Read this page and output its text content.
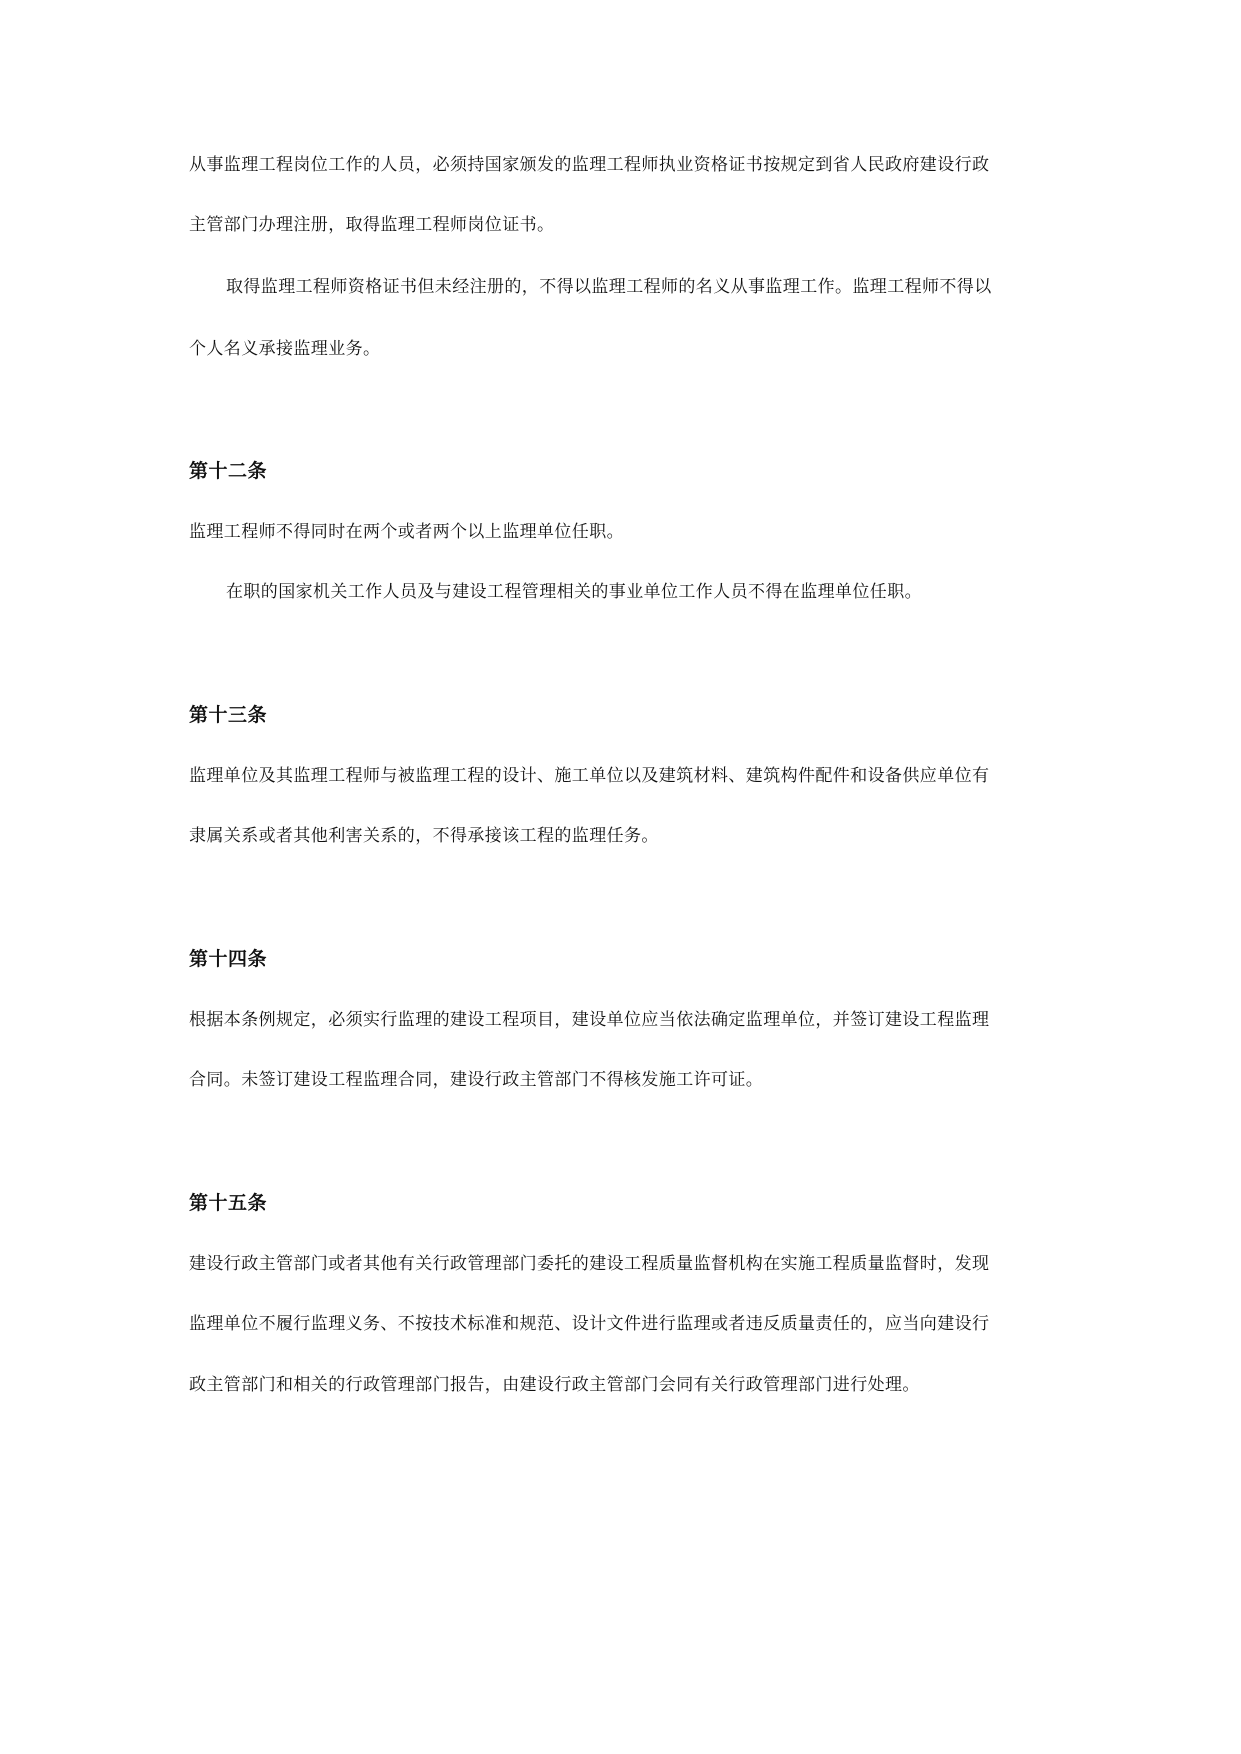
从事监理工程岗位工作的人员，必须持国家颁发的监理工程师执业资格证书按规定到省人民政府建设行政
主管部门办理注册，取得监理工程师岗位证书。
取得监理工程师资格证书但未经注册的，不得以监理工程师的名义从事监理工作。监理工程师不得以
个人名义承接监理业务。
第十二条
监理工程师不得同时在两个或者两个以上监理单位任职。
在职的国家机关工作人员及与建设工程管理相关的事业单位工作人员不得在监理单位任职。
第十三条
监理单位及其监理工程师与被监理工程的设计、施工单位以及建筑材料、建筑构件配件和设备供应单位有
隶属关系或者其他利害关系的，不得承接该工程的监理任务。
第十四条
根据本条例规定，必须实行监理的建设工程项目，建设单位应当依法确定监理单位，并签订建设工程监理
合同。未签订建设工程监理合同，建设行政主管部门不得核发施工许可证。
第十五条
建设行政主管部门或者其他有关行政管理部门委托的建设工程质量监督机构在实施工程质量监督时，发现
监理单位不履行监理义务、不按技术标准和规范、设计文件进行监理或者违反质量责任的，应当向建设行
政主管部门和相关的行政管理部门报告，由建设行政主管部门会同有关行政管理部门进行处理。
